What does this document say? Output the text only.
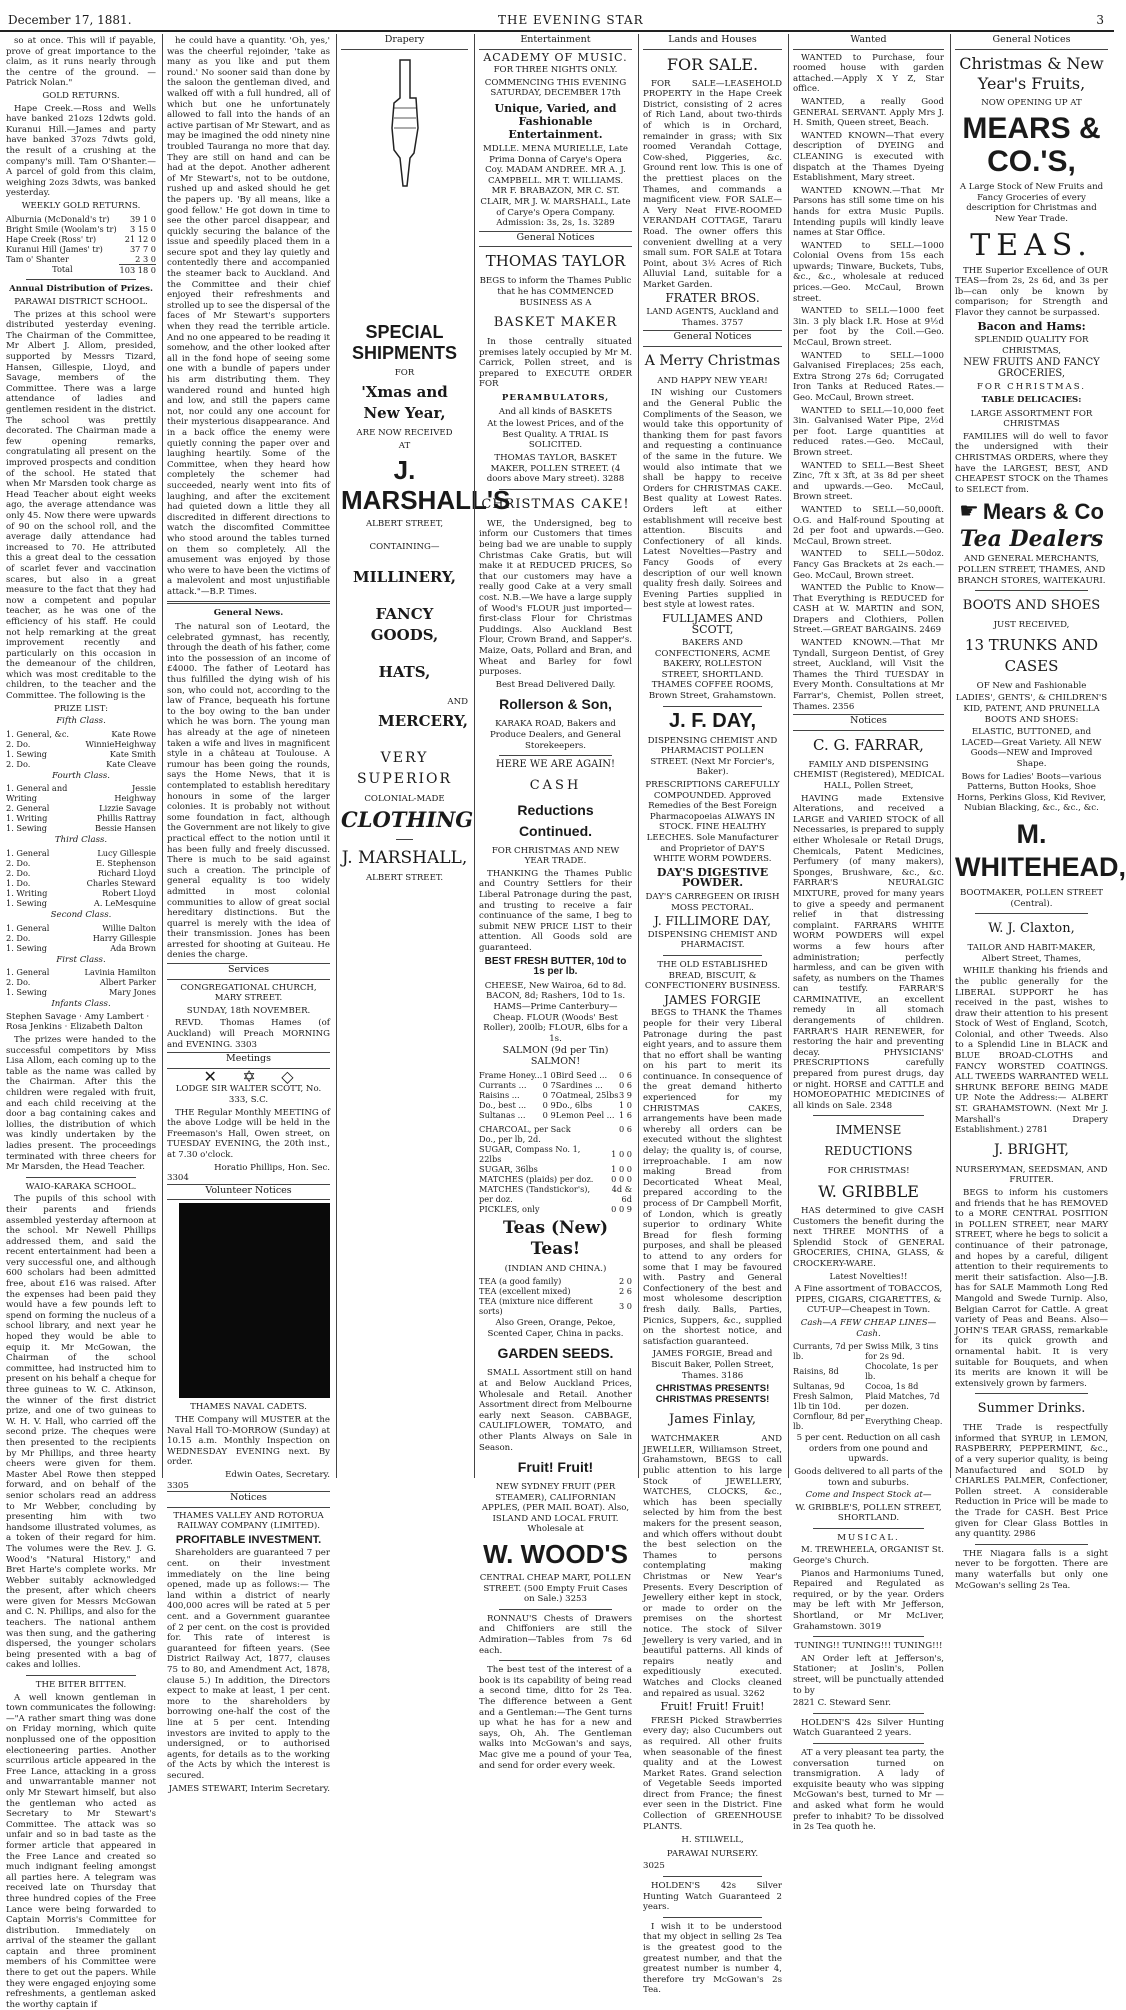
December 17, 1881.	THE EVENING STAR	3
so at once. This will if payable, prove of great importance to the claim, as it runs nearly through the centre of the ground. —Patrick Nolan."
GOLD RETURNS.
Hape Creek.—Ross and Wells have banked 21ozs 12dwts gold. Kuranui Hill.—James and party have banked 37ozs 7dwts gold, the result of a crushing at the company's mill. Tam O'Shanter.—A parcel of gold from this claim, weighing 2ozs 3dwts, was banked yesterday.
WEEKLY GOLD RETURNS.
Alburnia (McDonald's tr)	39 1 0
Bright Smile (Woolam's tr)	3 15 0
Hape Creek (Ross' tr)	21 12 0
Kuranui Hill (James' tr)	37 7 0
Tam o' Shanter	2 3 0
Total	103 18 0
Annual Distribution of Prizes.
PARAWAI DISTRICT SCHOOL.
The prizes at this school were distributed yesterday evening. The Chairman of the Committee, Mr Albert J. Allom, presided, supported by Messrs Tizard, Hansen, Gillespie, Lloyd, and Savage, members of the Committee. There was a large attendance of ladies and gentlemen resident in the district. The school was prettily decorated. The Chairman made a few opening remarks, congratulating all present on the improved prospects and condition of the school. He stated that when Mr Marsden took charge as Head Teacher about eight weeks ago, the average attendance was only 45. Now there were upwards of 90 on the school roll, and the average daily attendance had increased to 70. He attributed this a great deal to the cessation of scarlet fever and vaccination scares, but also in a great measure to the fact that they had now a competent and popular teacher, as he was one of the efficiency of his staff. He could not help remarking at the great improvement recently and particularly on this occasion in the demeanour of the children, which was most creditable to the children, to the teacher and the Committee. The following is the
PRIZE LIST:
Fifth Class.
1. General, &c.	Kate Rowe
2. Do.	WinnieHeighway
1. Sewing	Kate Smith
2. Do.	Kate Cleave
Fourth Class.
1. General and Writing	Jessie Heighway
2. General	Lizzie Savage
1. Writing	Phillis Rattray
1. Sewing	Bessie Hansen
Third Class.
1. General	Lucy Gillespie
2. Do.	E. Stephenson
2. Do.	Richard Lloyd
1. Do.	Charles Steward
1. Writing	Robert Lloyd
1. Sewing	A. LeMesquine
Second Class.
1. General	Willie Dalton
2. Do.	Harry Gillespie
1. Sewing	Ada Brown
First Class.
1. General	Lavinia Hamilton
2. Do.	Albert Parker
1. Sewing	Mary Jones
Infants Class.
Stephen Savage · Amy Lambert · Rosa Jenkins · Elizabeth Dalton
The prizes were handed to the successful competitors by Miss Lisa Allom, each coming up to the table as the name was called by the Chairman. After this the children were regaled with fruit, and each child receiving at the door a bag containing cakes and lollies, the distribution of which was kindly undertaken by the ladies present. The proceedings terminated with three cheers for Mr Marsden, the Head Teacher.
WAIO-KARAKA SCHOOL.
The pupils of this school with their parents and friends assembled yesterday afternoon at the school. Mr Newell Phillips addressed them, and said the recent entertainment had been a very successful one, and although 600 scholars had been admitted free, about £16 was raised. After the expenses had been paid they would have a few pounds left to spend on forming the nucleus of a school library, and next year he hoped they would be able to equip it. Mr McGowan, the Chairman of the school committee, had instructed him to present on his behalf a cheque for three guineas to W. C. Atkinson, the winner of the first district prize, and one of two guineas to W. H. V. Hall, who carried off the second prize. The cheques were then presented to the recipients by Mr Phillips, and three hearty cheers were given for them. Master Abel Rowe then stepped forward, and on behalf of the senior scholars read an address to Mr Webber, concluding by presenting him with two handsome illustrated volumes, as a token of their regard for him. The volumes were the Rev. J. G. Wood's "Natural History," and Bret Harte's complete works. Mr Webber suitably acknowledged the present, after which cheers were given for Messrs McGowan and C. N. Phillips, and also for the teachers. The national anthem was then sung, and the gathering dispersed, the younger scholars being presented with a bag of cakes and lollies.
THE BITER BITTEN.
A well known gentleman in town communicates the following:—"A rather smart thing was done on Friday morning, which quite nonplussed one of the opposition electioneering parties. Another scurrilous article appeared in the Free Lance, attacking in a gross and unwarrantable manner not only Mr Stewart himself, but also the gentleman who acted as Secretary to Mr Stewart's Committee. The attack was so unfair and so in bad taste as the former article that appeared in the Free Lance and created so much indignant feeling amongst all parties here. A telegram was received late on Thursday that three hundred copies of the Free Lance were being forwarded to Captain Morris's Committee for distribution. Immediately on arrival of the steamer the gallant captain and three prominent members of his Committee were there to get out the papers. While they were engaged enjoying some refreshments, a gentleman asked the worthy captain if
he could have a quantity. 'Oh, yes,' was the cheerful rejoinder, 'take as many as you like and put them round.' No sooner said than done by the saloon the gentleman dived, and walked off with a full hundred, all of which but one he unfortunately allowed to fall into the hands of an active partisan of Mr Stewart, and as may be imagined the odd ninety nine troubled Tauranga no more that day. They are still on hand and can be had at the depot. Another adherent of Mr Stewart's, not to be outdone, rushed up and asked should he get the papers up. 'By all means, like a good fellow.' He got down in time to see the other parcel disappear, and quickly securing the balance of the issue and speedily placed them in a secure spot and they lay quietly and contentedly there and accompanied the steamer back to Auckland. And the Committee and their chief enjoyed their refreshments and strolled up to see the dispersal of the faces of Mr Stewart's supporters when they read the terrible article. And no one appeared to be reading it somehow, and the other looked after all in the fond hope of seeing some one with a bundle of papers under his arm distributing them. They wandered round and hunted high and low, and still the papers came not, nor could any one account for their mysterious disappearance. And in a back office the enemy were quietly conning the paper over and laughing heartily. Some of the Committee, when they heard how completely the schemer had succeeded, nearly went into fits of laughing, and after the excitement had quieted down a little they all discredited in different directions to watch the discomfited Committee who stood around the tables turned on them so completely. All the amusement was enjoyed by those who were to have been the victims of a malevolent and most unjustifiable attack."—B.P. Times.
General News.
The natural son of Leotard, the celebrated gymnast, has recently, through the death of his father, come into the possession of an income of £4000. The father of Leotard has thus fulfilled the dying wish of his son, who could not, according to the law of France, bequeath his fortune to the boy owing to the ban under which he was born. The young man has already at the age of nineteen taken a wife and lives in magnificent style in a château at Toulouse. A rumour has been going the rounds, says the Home News, that it is contemplated to establish hereditary honours in some of the larger colonies. It is probably not without some foundation in fact, although the Government are not likely to give practical effect to the notion until it has been fully and freely discussed. There is much to be said against such a creation. The principle of general equality is too widely admitted in most colonial communities to allow of great social hereditary distinctions. But the quarrel is merely with the idea of their transmission. Jones has been arrested for shooting at Guiteau. He denies the charge.
Services
CONGREGATIONAL CHURCH, MARY STREET.
SUNDAY, 18th NOVEMBER.
REVD. Thomas Hames (of Auckland) will Preach MORNING and EVENING. 3303
Meetings
✕ ✡ ◇
LODGE SIR WALTER SCOTT, No. 333, S.C.
THE Regular Monthly MEETING of the above Lodge will be held in the Freemason's Hall, Owen street, on TUESDAY EVENING, the 20th inst., at 7.30 o'clock.
Horatio Phillips, Hon. Sec.
3304
Volunteer Notices
THAMES NAVAL CADETS.
THE Company will MUSTER at the Naval Hall TO-MORROW (Sunday) at 10.15 a.m. Monthly Inspection on WEDNESDAY EVENING next. By order.
Edwin Oates, Secretary.
3305
Notices
THAMES VALLEY AND ROTORUA RAILWAY COMPANY (LIMITED).
PROFITABLE INVESTMENT.
Shareholders are guaranteed 7 per cent. on their investment immediately on the line being opened, made up as follows:— The land within a district of nearly 400,000 acres will be rated at 5 per cent. and a Government guarantee of 2 per cent. on the cost is provided for. This rate of interest is guaranteed for fifteen years. (See District Railway Act, 1877, clauses 75 to 80, and Amendment Act, 1878, clause 5.) In addition, the Directors expect to make at least, 1 per cent. more to the shareholders by borrowing one-half the cost of the line at 5 per cent. Intending investors are invited to apply to the undersigned, or to authorised agents, for details as to the working of the Acts by which the interest is secured.
JAMES STEWART, Interim Secretary.
Drapery
SPECIAL SHIPMENTS
FOR
'Xmas and New Year,
ARE NOW RECEIVED
AT
J. MARSHALL'S
ALBERT STREET,
CONTAINING—
MILLINERY,
FANCY GOODS,
HATS,
AND
MERCERY,
VERY SUPERIOR
COLONIAL-MADE
CLOTHING
J. MARSHALL,
ALBERT STREET.
Entertainment
ACADEMY OF MUSIC.
FOR THREE NIGHTS ONLY.
COMMENCING THIS EVENING SATURDAY, DECEMBER 17th
Unique, Varied, and Fashionable Entertainment.
MDLLE. MENA MURIELLE, Late Prima Donna of Carye's Opera Coy. MADAM ANDREE. MR A. J. CAMPBELL. MR T. WILLIAMS. MR F. BRABAZON, MR C. ST. CLAIR, MR J. W. MARSHALL, Late of Carye's Opera Company. Admission: 3s, 2s, 1s. 3289
General Notices
THOMAS TAYLOR
BEGS to inform the Thames Public that he has COMMENCED BUSINESS AS A
BASKET MAKER
In those centrally situated premises lately occupied by Mr M. Carrick, Pollen street, and is prepared to EXECUTE ORDER FOR
PERAMBULATORS,
And all kinds of BASKETS
At the lowest Prices, and of the Best Quality. A TRIAL IS SOLICITED.
THOMAS TAYLOR, BASKET MAKER, POLLEN STREET. (4 doors above Mary street). 3288
CHRISTMAS CAKE!
WE, the Undersigned, beg to inform our Customers that times being bad we are unable to supply Christmas Cake Gratis, but will make it at REDUCED PRICES, So that our customers may have a really good Cake at a very small cost. N.B.—We have a large supply of Wood's FLOUR just imported—first-class Flour for Christmas Puddings. Also Auckland Best Flour, Crown Brand, and Sapper's. Maize, Oats, Pollard and Bran, and Wheat and Barley for fowl purposes.
Best Bread Delivered Daily.
Rollerson & Son,
KARAKA ROAD, Bakers and Produce Dealers, and General Storekeepers.
HERE WE ARE AGAIN!
CASH
Reductions Continued.
FOR CHRISTMAS AND NEW YEAR TRADE.
THANKING the Thames Public and Country Settlers for their Liberal Patronage during the past, and trusting to receive a fair continuance of the same, I beg to submit NEW PRICE LIST to their attention. All Goods sold are guaranteed.
BEST FRESH BUTTER, 10d to 1s per lb.
CHEESE, New Wairoa, 6d to 8d. BACON, 8d; Rashers, 10d to 1s. HAMS—Prime Canterbury—Cheap. FLOUR (Woods' Best Roller), 200lb; FLOUR, 6lbs for a 1s.
SALMON (9d per Tin) SALMON!
Frame Honey...	1 0	Bird Seed ...	0 6
Currants ...	0 7	Sardines ...	0 6
Raisins ...	0 7	Oatmeal, 25lbs	3 9
Do., best ...	0 9	Do., 6lbs	1 0
Sultanas ...	0 9	Lemon Peel ...	1 6
CHARCOAL, per Sack	0 6
Do., per lb, 2d.	
SUGAR, Compass No. 1, 22lbs	1 0 0
SUGAR, 36lbs	1 0 0
MATCHES (plaids) per doz.	0 0 0
MATCHES (Tandstickor's), per doz.	4d & 6d
PICKLES, only	0 0 9
Teas (New) Teas!
(INDIAN AND CHINA.)
TEA (a good family)	2 0
TEA (excellent mixed)	2 6
TEA (mixture nice different sorts)	3 0
Also Green, Orange, Pekoe, Scented Caper, China in packs.
GARDEN SEEDS.
SMALL Assortment still on hand at and Below Auckland Prices, Wholesale and Retail. Another Assortment direct from Melbourne early next Season. CABBAGE, CAULIFLOWER, TOMATO, and other Plants Always on Sale in Season.
Fruit! Fruit!
NEW SYDNEY FRUIT (PER STEAMER), CALIFORNIAN APPLES, (PER MAIL BOAT). Also, ISLAND AND LOCAL FRUIT. Wholesale at
W. WOOD'S
CENTRAL CHEAP MART, POLLEN STREET. (500 Empty Fruit Cases on Sale.) 3253
RONNAU'S Chests of Drawers and Chiffoniers are still the Admiration—Tables from 7s 6d each.
The best test of the interest of a book is its capability of being read a second time, ditto for 2s Tea. The difference between a Gent and a Gentleman:—The Gent turns up what he has for a new and says, Oh, Ah. The Gentleman walks into McGowan's and says, Mac give me a pound of your Tea, and send for order every week.
Lands and Houses
FOR SALE.
FOR SALE—LEASEHOLD PROPERTY in the Hape Creek District, consisting of 2 acres of Rich Land, about two-thirds of which is in Orchard, remainder in grass; with Six roomed Verandah Cottage, Cow-shed, Piggeries, &c. Ground rent low. This is one of the prettiest places on the Thames, and commands a magnificent view. FOR SALE—A Very Neat FIVE-ROOMED VERANDAH COTTAGE, Tararu Road. The owner offers this convenient dwelling at a very small sum. FOR SALE at Totara Point, about 3½ Acres of Rich Alluvial Land, suitable for a Market Garden.
FRATER BROS.
LAND AGENTS, Auckland and Thames. 3757
General Notices
A Merry Christmas
AND HAPPY NEW YEAR!
IN wishing our Customers and the General Public the Compliments of the Season, we would take this opportunity of thanking them for past favors and requesting a continuance of the same in the future. We would also intimate that we shall be happy to receive Orders for CHRISTMAS CAKE. Best quality at Lowest Rates. Orders left at either establishment will receive best attention. Biscuits and Confectionery of all kinds. Latest Novelties—Pastry and Fancy Goods of every description of our well known quality fresh daily. Soirees and Evening Parties supplied in best style at lowest rates.
FULLJAMES AND SCOTT,
BAKERS AND CONFECTIONERS, ACME BAKERY, ROLLESTON STREET, SHORTLAND. THAMES COFFEE ROOMS, Brown Street, Grahamstown.
J. F. DAY,
DISPENSING CHEMIST AND PHARMACIST POLLEN STREET. (Next Mr Forcier's, Baker).
PRESCRIPTIONS CAREFULLY COMPOUNDED. Approved Remedies of the Best Foreign Pharmacopoeias ALWAYS IN STOCK. FINE HEALTHY LEECHES. Sole Manufacturer and Proprietor of DAY'S WHITE WORM POWDERS.
DAY'S DIGESTIVE POWDER.
DAY'S CARREGEEN OR IRISH MOSS PECTORAL.
J. FILLIMORE DAY,
DISPENSING CHEMIST AND PHARMACIST.
THE OLD ESTABLISHED BREAD, BISCUIT, & CONFECTIONERY BUSINESS.
JAMES FORGIE
BEGS to THANK the Thames people for their very Liberal Patronage during the past eight years, and to assure them that no effort shall be wanting on his part to merit its continuance. In consequence of the great demand hitherto experienced for my CHRISTMAS CAKES, arrangements have been made whereby all orders can be executed without the slightest delay; the quality is, of course, irreproachable. I am now making Bread from Decorticated Wheat Meal, prepared according to the process of Dr Campbell Morfit, of London, which is greatly superior to ordinary White Bread for flesh forming purposes, and shall be pleased to attend to any orders for some that I may be favoured with. Pastry and General Confectionery of the best and most wholesome description fresh daily. Balls, Parties, Picnics, Suppers, &c., supplied on the shortest notice, and satisfaction guaranteed.
JAMES FORGIE, Bread and Biscuit Baker, Pollen Street, Thames. 3186
CHRISTMAS PRESENTS! CHRISTMAS PRESENTS!
James Finlay,
WATCHMAKER AND JEWELLER, Williamson Street, Grahamstown, BEGS to call public attention to his large Stock of JEWELLERY, WATCHES, CLOCKS, &c., which has been specially selected by him from the best makers for the present season, and which offers without doubt the best selection on the Thames to persons contemplating making Christmas or New Year's Presents. Every Description of Jewellery either kept in stock, or made to order on the premises on the shortest notice. The stock of Silver Jewellery is very varied, and in beautiful patterns. All kinds of repairs neatly and expeditiously executed. Watches and Clocks cleaned and repaired as usual. 3262
Fruit! Fruit! Fruit!
FRESH Picked Strawberries every day; also Cucumbers out as required. All other fruits when seasonable of the finest quality and at the Lowest Market Rates. Grand selection of Vegetable Seeds imported direct from France; the finest ever seen in the District. Fine Collection of GREENHOUSE PLANTS.
H. STILWELL,
PARAWAI NURSERY.
3025
HOLDEN'S 42s Silver Hunting Watch Guaranteed 2 years.
I wish it to be understood that my object in selling 2s Tea is the greatest good to the greatest number, and that the greatest number is number 4, therefore try McGowan's 2s Tea.
Wanted
WANTED to Purchase, four roomed house with garden attached.—Apply X Y Z, Star office.
WANTED, a really Good GENERAL SERVANT. Apply Mrs J. H. Smith, Queen street, Beach.
WANTED KNOWN—That every description of DYEING and CLEANING is executed with dispatch at the Thames Dyeing Establishment, Mary street.
WANTED KNOWN.—That Mr Parsons has still some time on his hands for extra Music Pupils. Intending pupils will kindly leave names at Star Office.
WANTED to SELL—1000 Colonial Ovens from 15s each upwards; Tinware, Buckets, Tubs, &c., &c., wholesale at reduced prices.—Geo. McCaul, Brown street.
WANTED to SELL—1000 feet 3in. 3 ply black I.R. Hose at 9½d per foot by the Coil.—Geo. McCaul, Brown street.
WANTED to SELL—1000 Galvanised Fireplaces; 25s each, Extra Strong 27s 6d; Corrugated Iron Tanks at Reduced Rates.—Geo. McCaul, Brown street.
WANTED to SELL—10,000 feet 3in. Galvanised Water Pipe, 2½d per foot. Large quantities at reduced rates.—Geo. McCaul, Brown street.
WANTED to SELL—Best Sheet Zinc, 7ft x 3ft, at 3s 8d per sheet and upwards.—Geo. McCaul, Brown street.
WANTED to SELL—50,000ft. O.G. and Half-round Spouting at 2d per foot and upwards.—Geo. McCaul, Brown street.
WANTED to SELL—50doz. Fancy Gas Brackets at 2s each.—Geo. McCaul, Brown street.
WANTED the Public to Know—That Everything is REDUCED for CASH at W. MARTIN and SON, Drapers and Clothiers, Pollen Street.—GREAT BARGAINS. 2469
WANTED KNOWN.—That Mr Tyndall, Surgeon Dentist, of Grey street, Auckland, will Visit the Thames the Third TUESDAY in Every Month. Consultations at Mr Farrar's, Chemist, Pollen street, Thames. 2356
Notices
C. G. FARRAR,
FAMILY AND DISPENSING CHEMIST (Registered), MEDICAL HALL, Pollen Street,
HAVING made Extensive Alterations, and received a LARGE and VARIED STOCK of all Necessaries, is prepared to supply either Wholesale or Retail Drugs, Chemicals, Patent Medicines, Perfumery (of many makers), Sponges, Brushware, &c., &c. FARRAR'S NEURALGIC MIXTURE, proved for many years to give a speedy and permanent relief in that distressing complaint. FARRARS WHITE WORM POWDERS will expel worms a few hours after administration; perfectly harmless, and can be given with safety, as numbers on the Thames can testify. FARRAR'S CARMINATIVE, an excellent remedy in all stomach derangements of children. FARRAR'S HAIR RENEWER, for restoring the hair and preventing decay. PHYSICIANS' PRESCRIPTIONS carefully prepared from purest drugs, day or night. HORSE and CATTLE and HOMOEOPATHIC MEDICINES of all kinds on Sale. 2348
IMMENSE REDUCTIONS
FOR CHRISTMAS!
W. GRIBBLE
HAS determined to give CASH Customers the benefit during the next THREE MONTHS of a Splendid Stock of GENERAL GROCERIES, CHINA, GLASS, & CROCKERY-WARE.
Latest Novelties!!
A Fine assortment of TOBACCOS, PIPES, CIGARS, CIGARETTES, & CUT-UP—Cheapest in Town.
Cash—A FEW CHEAP LINES—Cash.
Currants, 7d per lb.	Swiss Milk, 3 tins for 2s 9d.
Raisins, 8d	Chocolate, 1s per lb.
Sultanas, 9d	Cocoa, 1s 8d
Fresh Salmon, 1lb tin 10d.	Plaid Matches, 7d per dozen.
Cornflour, 8d per lb.	Everything Cheap.
5 per cent. Reduction on all cash orders from one pound and upwards.
Goods delivered to all parts of the town and suburbs.
Come and Inspect Stock at—
W. GRIBBLE'S, POLLEN STREET, SHORTLAND.
MUSICAL.
M. TREWHEELA, ORGANIST St. George's Church.
Pianos and Harmoniums Tuned, Repaired and Regulated as required, or by the year. Orders may be left with Mr Jefferson, Shortland, or Mr McLiver, Grahamstown. 3019
TUNING!! TUNING!!! TUNING!!!
AN Order left at Jefferson's, Stationer; at Joslin's, Pollen street, will be punctually attended to by
2821 C. Steward Senr.
HOLDEN'S 42s Silver Hunting Watch Guaranteed 2 years.
AT a very pleasant tea party, the conversation turned on transmigration. A lady of exquisite beauty who was sipping McGowan's best, turned to Mr — and asked what form he would prefer to inhabit? To be dissolved in 2s Tea quoth he.
General Notices
Christmas & New Year's Fruits,
NOW OPENING UP AT
MEARS & CO.'S,
A Large Stock of New Fruits and Fancy Groceries of every description for Christmas and New Year Trade.
TEAS.
THE Superior Excellence of OUR TEAS—from 2s, 2s 6d, and 3s per lb—can only be known by comparison; for Strength and Flavor they cannot be surpassed.
Bacon and Hams:
SPLENDID QUALITY FOR CHRISTMAS,
NEW FRUITS AND FANCY GROCERIES,
FOR CHRISTMAS.
TABLE DELICACIES:
LARGE ASSORTMENT FOR CHRISTMAS
FAMILIES will do well to favor the undersigned with their CHRISTMAS ORDERS, where they have the LARGEST, BEST, AND CHEAPEST STOCK on the Thames to SELECT from.
☛ Mears & Co
Tea Dealers
AND GENERAL MERCHANTS, POLLEN STREET, THAMES, AND BRANCH STORES, WAITEKAURI.
BOOTS AND SHOES
JUST RECEIVED,
13 TRUNKS AND CASES
OF New and Fashionable
LADIES', GENTS', & CHILDREN'S KID, PATENT, AND PRUNELLA BOOTS AND SHOES:
ELASTIC, BUTTONED, and LACED—Great Variety. All NEW Goods—NEW and Improved Shape.
Bows for Ladies' Boots—various Patterns, Button Hooks, Shoe Horns, Perkins Gloss, Kid Reviver, Nubian Blacking, &c., &c., &c.
M. WHITEHEAD,
BOOTMAKER, POLLEN STREET (Central).
W. J. Claxton,
TAILOR AND HABIT-MAKER, Albert Street, Thames,
WHILE thanking his friends and the public generally for the LIBERAL SUPPORT he has received in the past, wishes to draw their attention to his present Stock of West of England, Scotch, Colonial, and other Tweeds. Also to a Splendid Line in BLACK and BLUE BROAD-CLOTHS and FANCY WORSTED COATINGS. ALL TWEEDS WARRANTED WELL SHRUNK BEFORE BEING MADE UP. Note the Address:— ALBERT ST. GRAHAMSTOWN. (Next Mr J. Marshall's Drapery Establishment.) 2781
J. BRIGHT,
NURSERYMAN, SEEDSMAN, AND FRUITER.
BEGS to inform his customers and friends that he has REMOVED to a MORE CENTRAL POSITION in POLLEN STREET, near MARY STREET, where he begs to solicit a continuance of their patronage, and hopes by a careful, diligent attention to their requirements to merit their satisfaction. Also—J.B. has for SALE Mammoth Long Red Mangold and Swede Turnip. Also, Belgian Carrot for Cattle. A great variety of Peas and Beans. Also—JOHN'S TEAR GRASS, remarkable for its quick growth and ornamental habit. It is very suitable for Bouquets, and when its merits are known it will be extensively grown by farmers.
Summer Drinks.
THE Trade is respectfully informed that SYRUP, in LEMON, RASPBERRY, PEPPERMINT, &c., of a very superior quality, is being Manufactured and SOLD by CHARLES PALMER, Confectioner, Pollen street. A considerable Reduction in Price will be made to the Trade for CASH. Best Price given for Clear Glass Bottles in any quantity. 2986
THE Niagara falls is a sight never to be forgotten. There are many waterfalls but only one McGowan's selling 2s Tea.
